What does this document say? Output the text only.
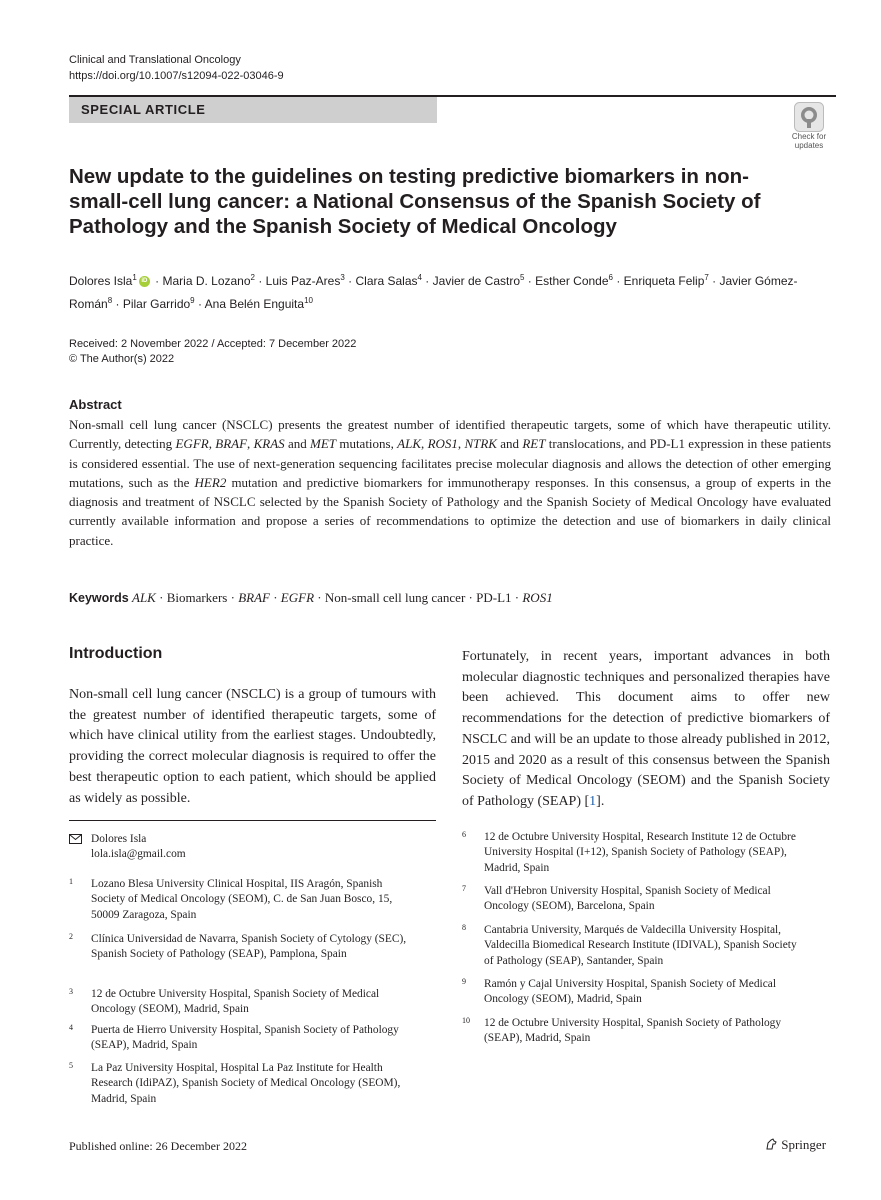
Clinical and Translational Oncology
https://doi.org/10.1007/s12094-022-03046-9
SPECIAL ARTICLE
Check for
updates
New update to the guidelines on testing predictive biomarkers in non-small-cell lung cancer: a National Consensus of the Spanish Society of Pathology and the Spanish Society of Medical Oncology
Dolores Isla$^1$ iD · Maria D. Lozano$^2$ · Luis Paz-Ares$^3$ · Clara Salas$^4$ · Javier de Castro$^5$ · Esther Conde$^6$ · Enriqueta Felip$^7$ · Javier Gómez-Román$^8$ · Pilar Garrido$^9$ · Ana Belén Enguita$^{10}$
Received: 2 November 2022 / Accepted: 7 December 2022
© The Author(s) 2022
Abstract
Non-small cell lung cancer (NSCLC) presents the greatest number of identified therapeutic targets, some of which have therapeutic utility. Currently, detecting EGFR, BRAF, KRAS and MET mutations, ALK, ROS1, NTRK and RET translocations, and PD-L1 expression in these patients is considered essential. The use of next-generation sequencing facilitates precise molecular diagnosis and allows the detection of other emerging mutations, such as the HER2 mutation and predictive biomarkers for immunotherapy responses. In this consensus, a group of experts in the diagnosis and treatment of NSCLC selected by the Spanish Society of Pathology and the Spanish Society of Medical Oncology have evaluated currently available information and propose a series of recommendations to optimize the detection and use of biomarkers in daily clinical practice.
Keywords ALK · Biomarkers · BRAF · EGFR · Non-small cell lung cancer · PD-L1 · ROS1
Introduction
Non-small cell lung cancer (NSCLC) is a group of tumours with the greatest number of identified therapeutic targets, some of which have clinical utility from the earliest stages. Undoubtedly, providing the correct molecular diagnosis is required to offer the best therapeutic option to each patient, which should be applied as widely as possible.
Fortunately, in recent years, important advances in both molecular diagnostic techniques and personalized therapies have been achieved. This document aims to offer new recommendations for the detection of predictive biomarkers of NSCLC and will be an update to those already published in 2012, 2015 and 2020 as a result of this consensus between the Spanish Society of Medical Oncology (SEOM) and the Spanish Society of Pathology (SEAP) [1].
Dolores Isla
lola.isla@gmail.com
1 Lozano Blesa University Clinical Hospital, IIS Aragón, Spanish Society of Medical Oncology (SEOM), C. de San Juan Bosco, 15, 50009 Zaragoza, Spain
2 Clínica Universidad de Navarra, Spanish Society of Cytology (SEC), Spanish Society of Pathology (SEAP), Pamplona, Spain
3 12 de Octubre University Hospital, Spanish Society of Medical Oncology (SEOM), Madrid, Spain
4 Puerta de Hierro University Hospital, Spanish Society of Pathology (SEAP), Madrid, Spain
5 La Paz University Hospital, Hospital La Paz Institute for Health Research (IdiPAZ), Spanish Society of Medical Oncology (SEOM), Madrid, Spain
6 12 de Octubre University Hospital, Research Institute 12 de Octubre University Hospital (I+12), Spanish Society of Pathology (SEAP), Madrid, Spain
7 Vall d'Hebron University Hospital, Spanish Society of Medical Oncology (SEOM), Barcelona, Spain
8 Cantabria University, Marqués de Valdecilla University Hospital, Valdecilla Biomedical Research Institute (IDIVAL), Spanish Society of Pathology (SEAP), Santander, Spain
9 Ramón y Cajal University Hospital, Spanish Society of Medical Oncology (SEOM), Madrid, Spain
10 12 de Octubre University Hospital, Spanish Society of Pathology (SEAP), Madrid, Spain
Published online: 26 December 2022	Springer
